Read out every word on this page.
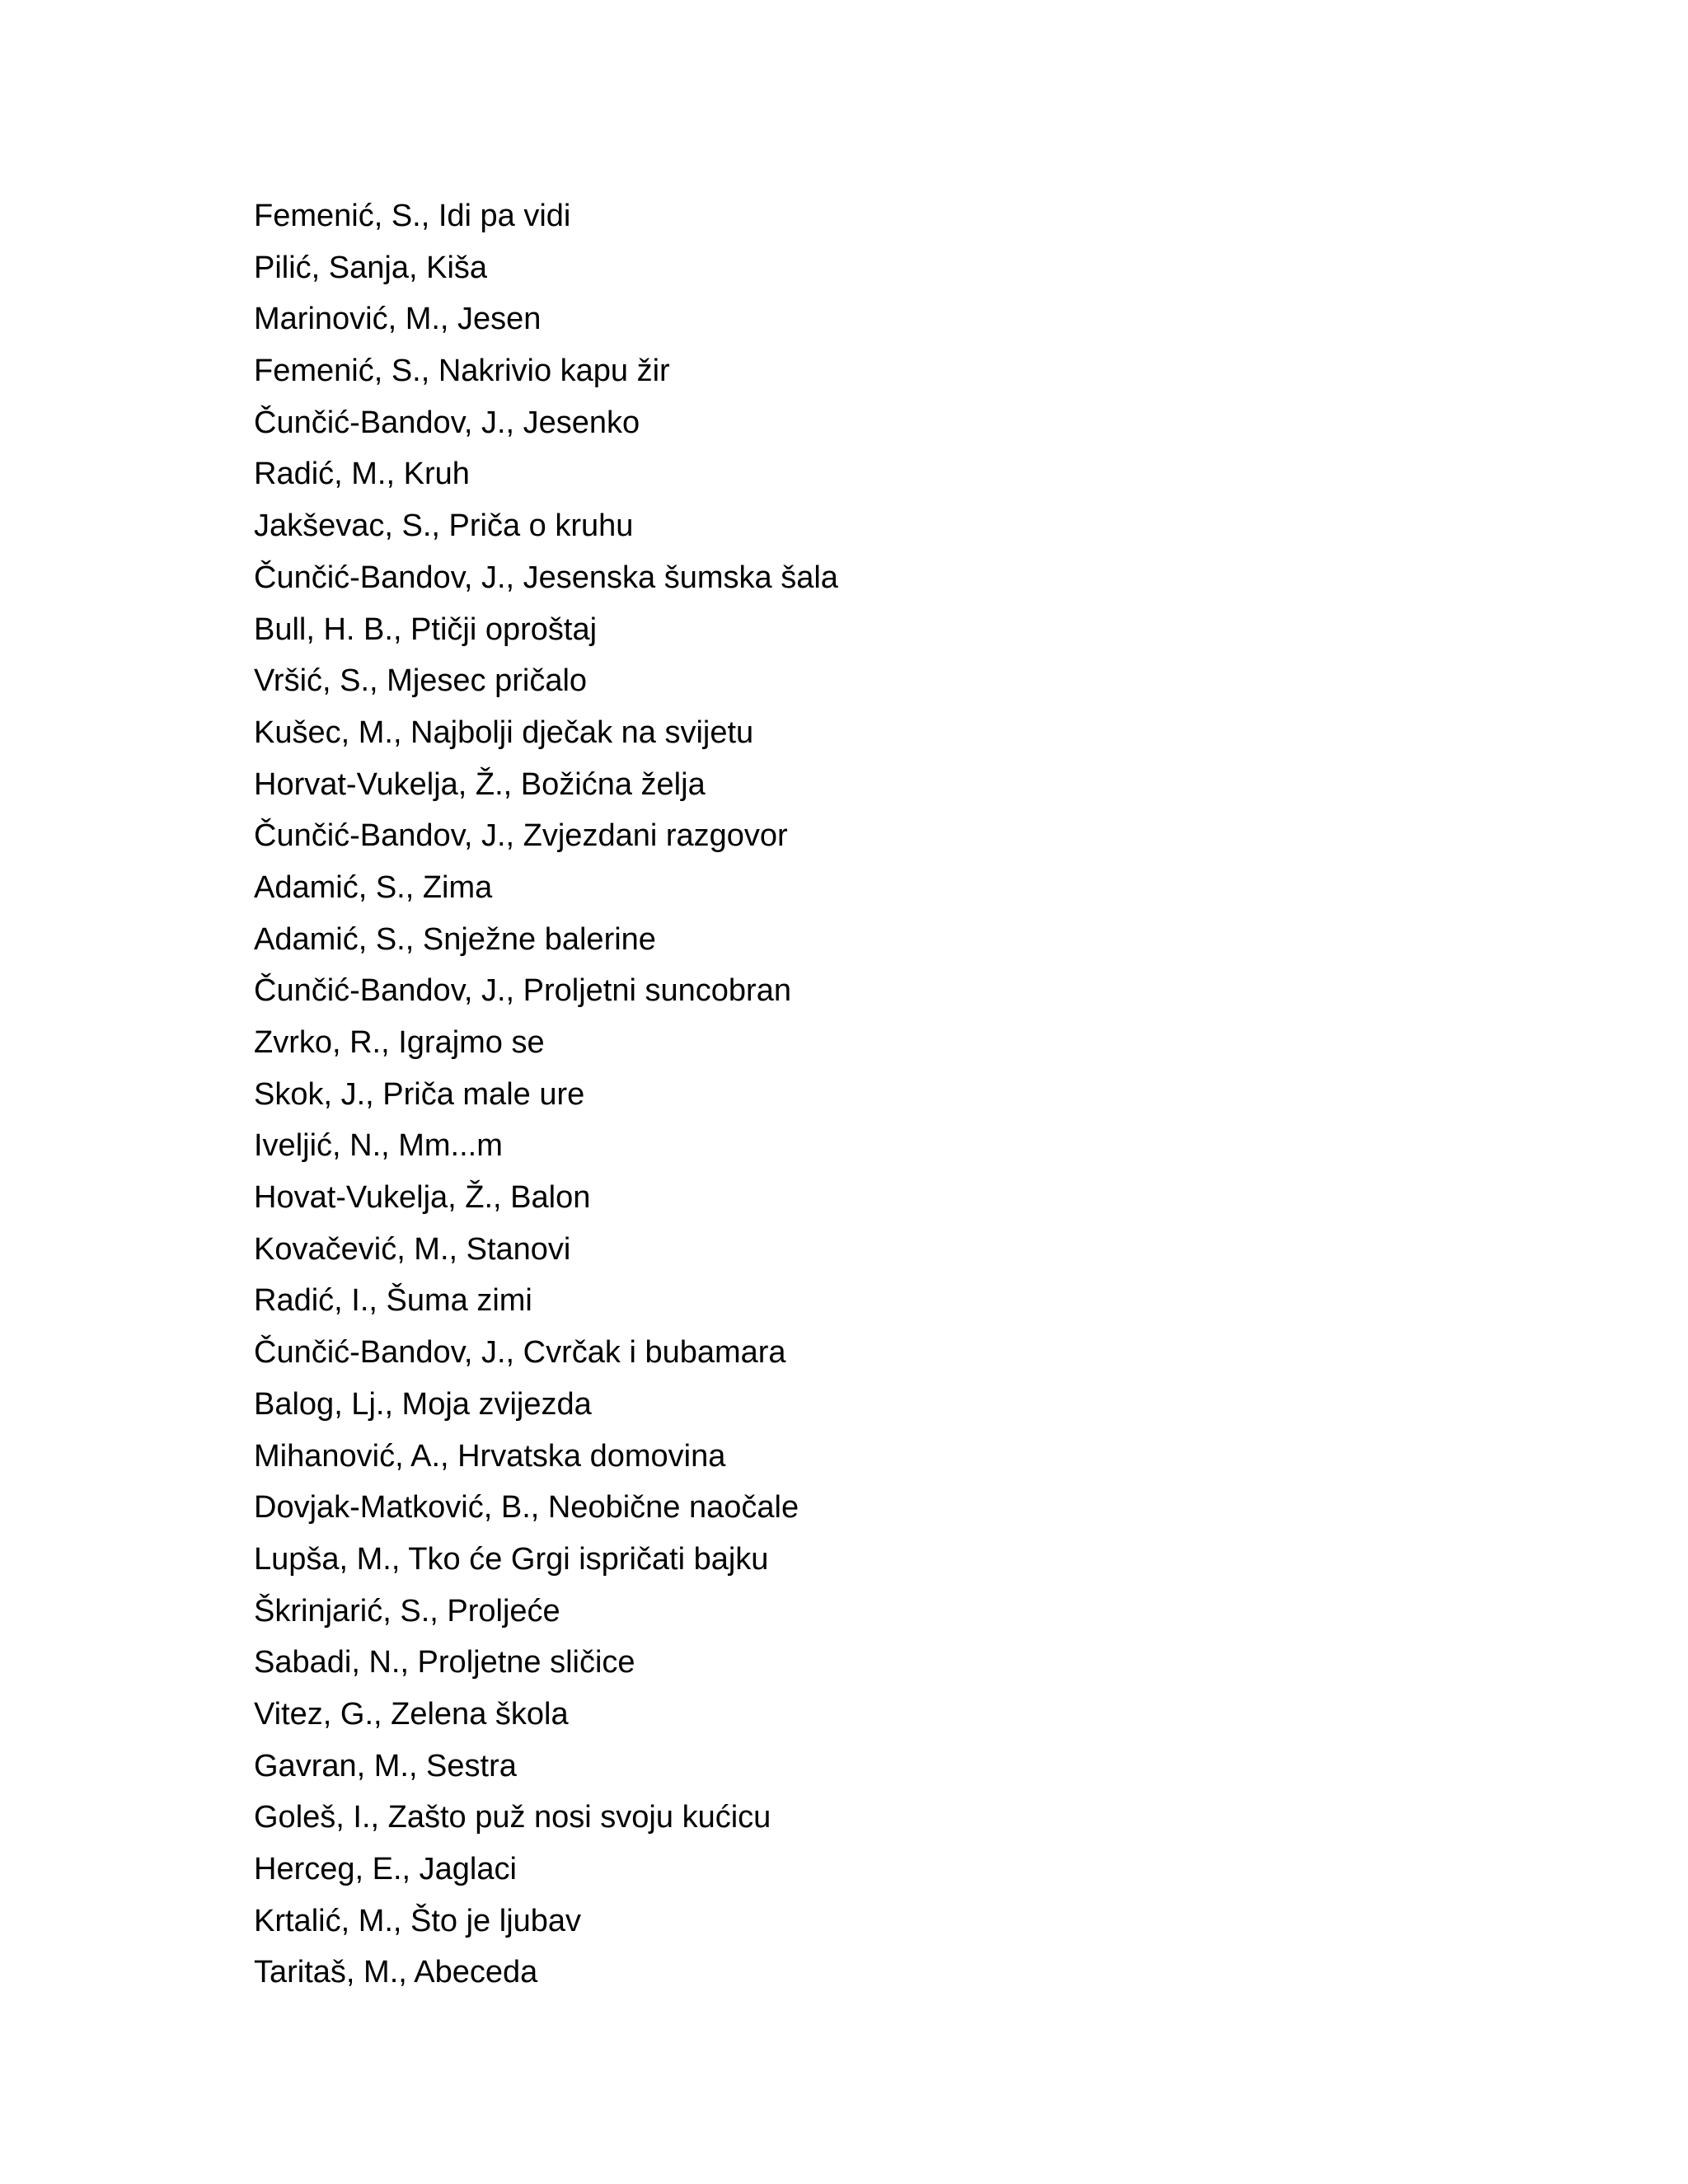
Femenić, S., Idi pa vidi
Pilić, Sanja, Kiša
Marinović, M., Jesen
Femenić, S., Nakrivio kapu žir
Čunčić-Bandov, J., Jesenko
Radić, M., Kruh
Jakševac, S., Priča o kruhu
Čunčić-Bandov, J., Jesenska šumska šala
Bull, H. B., Ptičji oproštaj
Vršić, S., Mjesec pričalo
Kušec, M., Najbolji dječak na svijetu
Horvat-Vukelja, Ž., Božićna želja
Čunčić-Bandov, J., Zvjezdani razgovor
Adamić, S., Zima
Adamić, S., Snježne balerine
Čunčić-Bandov, J., Proljetni suncobran
Zvrko, R., Igrajmo se
Skok, J., Priča male ure
Iveljić, N., Mm...m
Hovat-Vukelja, Ž., Balon
Kovačević, M., Stanovi
Radić, I., Šuma zimi
Čunčić-Bandov, J., Cvrčak i bubamara
Balog, Lj., Moja zvijezda
Mihanović, A., Hrvatska domovina
Dovjak-Matković, B., Neobične naočale
Lupša, M., Tko će Grgi ispričati bajku
Škrinjarić, S., Proljeće
Sabadi, N., Proljetne sličice
Vitez, G., Zelena škola
Gavran, M., Sestra
Goleš, I., Zašto puž nosi svoju kućicu
Herceg, E., Jaglaci
Krtalić, M., Što je ljubav
Taritaš, M., Abeceda
